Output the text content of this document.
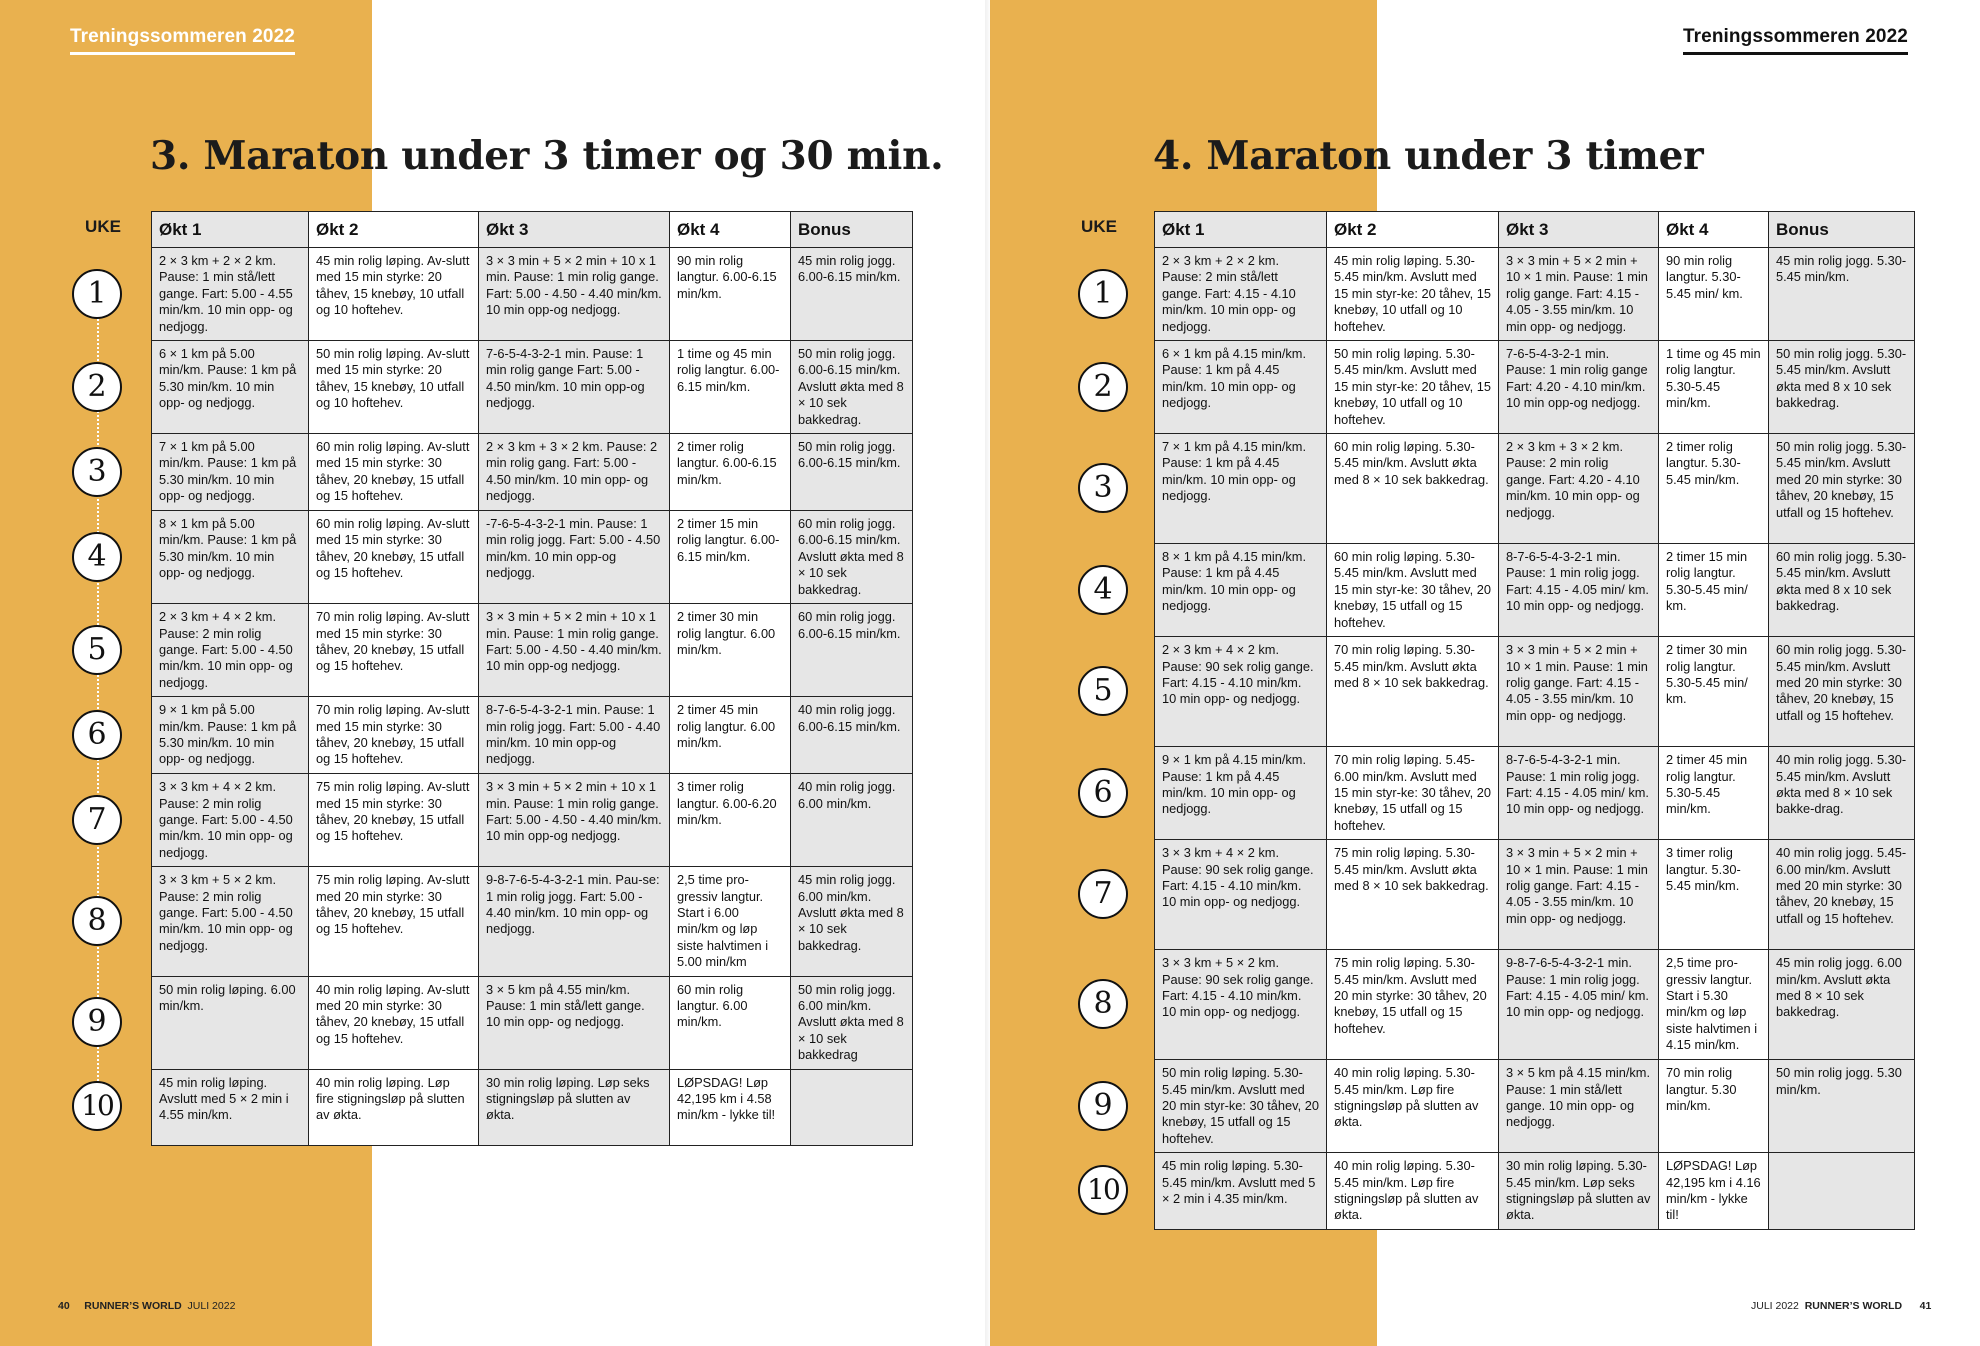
Treningssommeren 2022
3. Maraton under 3 timer og 30 min.
UKE
1
2
3
4
5
6
7
8
9
10
Økt 1	Økt 2	Økt 3	Økt 4	Bonus
2 × 3 km + 2 × 2 km. Pause: 1 min stå/lett gange. Fart: 5.00 - 4.55 min/km. 10 min opp- og nedjogg.	45 min rolig løping. Av-slutt med 15 min styrke: 20 tåhev, 15 knebøy, 10 utfall og 10 hoftehev.	3 × 3 min + 5 × 2 min + 10 x 1 min. Pause: 1 min rolig gange. Fart: 5.00 - 4.50 - 4.40 min/km. 10 min opp-og nedjogg.	90 min rolig langtur. 6.00-6.15 min/km.	45 min rolig jogg. 6.00-6.15 min/km.
6 × 1 km på 5.00 min/km. Pause: 1 km på 5.30 min/km. 10 min opp- og nedjogg.	50 min rolig løping. Av-slutt med 15 min styrke: 20 tåhev, 15 knebøy, 10 utfall og 10 hoftehev.	7-6-5-4-3-2-1 min. Pause: 1 min rolig gange Fart: 5.00 - 4.50 min/km. 10 min opp-og nedjogg.	1 time og 45 min rolig langtur. 6.00-6.15 min/km.	50 min rolig jogg. 6.00-6.15 min/km. Avslutt økta med 8 × 10 sek bakkedrag.
7 × 1 km på 5.00 min/km. Pause: 1 km på 5.30 min/km. 10 min opp- og nedjogg.	60 min rolig løping. Av-slutt med 15 min styrke: 30 tåhev, 20 knebøy, 15 utfall og 15 hoftehev.	2 × 3 km + 3 × 2 km. Pause: 2 min rolig gang. Fart: 5.00 - 4.50 min/km. 10 min opp- og nedjogg.	2 timer rolig langtur. 6.00-6.15 min/km.	50 min rolig jogg. 6.00-6.15 min/km.
8 × 1 km på 5.00 min/km. Pause: 1 km på 5.30 min/km. 10 min opp- og nedjogg.	60 min rolig løping. Av-slutt med 15 min styrke: 30 tåhev, 20 knebøy, 15 utfall og 15 hoftehev.	-7-6-5-4-3-2-1 min. Pause: 1 min rolig jogg. Fart: 5.00 - 4.50 min/km. 10 min opp-og nedjogg.	2 timer 15 min rolig langtur. 6.00-6.15 min/km.	60 min rolig jogg. 6.00-6.15 min/km. Avslutt økta med 8 × 10 sek bakkedrag.
2 × 3 km + 4 × 2 km. Pause: 2 min rolig gange. Fart: 5.00 - 4.50 min/km. 10 min opp- og nedjogg.	70 min rolig løping. Av-slutt med 15 min styrke: 30 tåhev, 20 knebøy, 15 utfall og 15 hoftehev.	3 × 3 min + 5 × 2 min + 10 x 1 min. Pause: 1 min rolig gange. Fart: 5.00 - 4.50 - 4.40 min/km. 10 min opp-og nedjogg.	2 timer 30 min rolig langtur. 6.00 min/km.	60 min rolig jogg. 6.00-6.15 min/km.
9 × 1 km på 5.00 min/km. Pause: 1 km på 5.30 min/km. 10 min opp- og nedjogg.	70 min rolig løping. Av-slutt med 15 min styrke: 30 tåhev, 20 knebøy, 15 utfall og 15 hoftehev.	8-7-6-5-4-3-2-1 min. Pause: 1 min rolig jogg. Fart: 5.00 - 4.40 min/km. 10 min opp-og nedjogg.	2 timer 45 min rolig langtur. 6.00 min/km.	40 min rolig jogg. 6.00-6.15 min/km.
3 × 3 km + 4 × 2 km. Pause: 2 min rolig gange. Fart: 5.00 - 4.50 min/km. 10 min opp- og nedjogg.	75 min rolig løping. Av-slutt med 15 min styrke: 30 tåhev, 20 knebøy, 15 utfall og 15 hoftehev.	3 × 3 min + 5 × 2 min + 10 x 1 min. Pause: 1 min rolig gange. Fart: 5.00 - 4.50 - 4.40 min/km. 10 min opp-og nedjogg.	3 timer rolig langtur. 6.00-6.20 min/km.	40 min rolig jogg. 6.00 min/km.
3 × 3 km + 5 × 2 km. Pause: 2 min rolig gange. Fart: 5.00 - 4.50 min/km. 10 min opp- og nedjogg.	75 min rolig løping. Av-slutt med 20 min styrke: 30 tåhev, 20 knebøy, 15 utfall og 15 hoftehev.	9-8-7-6-5-4-3-2-1 min. Pau-se: 1 min rolig jogg. Fart: 5.00 - 4.40 min/km. 10 min opp- og nedjogg.	2,5 time pro-gressiv langtur. Start i 6.00 min/km og løp siste halvtimen i 5.00 min/km	45 min rolig jogg. 6.00 min/km. Avslutt økta med 8 × 10 sek bakkedrag.
50 min rolig løping. 6.00 min/km.	40 min rolig løping. Av-slutt med 20 min styrke: 30 tåhev, 20 knebøy, 15 utfall og 15 hoftehev.	3 × 5 km på 4.55 min/km. Pause: 1 min stå/lett gange. 10 min opp- og nedjogg.	60 min rolig langtur. 6.00 min/km.	50 min rolig jogg. 6.00 min/km. Avslutt økta med 8 × 10 sek bakkedrag
45 min rolig løping. Avslutt med 5 × 2 min i 4.55 min/km.	40 min rolig løping. Løp fire stigningsløp på slutten av økta.	30 min rolig løping. Løp seks stigningsløp på slutten av økta.	LØPSDAG! Løp 42,195 km i 4.58 min/km - lykke til!	
40 RUNNER’S WORLD JULI 2022
Treningssommeren 2022
4. Maraton under 3 timer
UKE
1
2
3
4
5
6
7
8
9
10
Økt 1	Økt 2	Økt 3	Økt 4	Bonus
2 × 3 km + 2 × 2 km. Pause: 2 min stå/lett gange. Fart: 4.15 - 4.10 min/km. 10 min opp- og nedjogg.	45 min rolig løping. 5.30-5.45 min/km. Avslutt med 15 min styr-ke: 20 tåhev, 15 knebøy, 10 utfall og 10 hoftehev.	3 × 3 min + 5 × 2 min + 10 × 1 min. Pause: 1 min rolig gange. Fart: 4.15 - 4.05 - 3.55 min/km. 10 min opp- og nedjogg.	90 min rolig langtur. 5.30-5.45 min/ km.	45 min rolig jogg. 5.30-5.45 min/km.
6 × 1 km på 4.15 min/km. Pause: 1 km på 4.45 min/km. 10 min opp- og nedjogg.	50 min rolig løping. 5.30-5.45 min/km. Avslutt med 15 min styr-ke: 20 tåhev, 15 knebøy, 10 utfall og 10 hoftehev.	7-6-5-4-3-2-1 min. Pause: 1 min rolig gange Fart: 4.20 - 4.10 min/km. 10 min opp-og nedjogg.	1 time og 45 min rolig langtur. 5.30-5.45 min/km.	50 min rolig jogg. 5.30-5.45 min/km. Avslutt økta med 8 x 10 sek bakkedrag.
7 × 1 km på 4.15 min/km. Pause: 1 km på 4.45 min/km. 10 min opp- og nedjogg.	60 min rolig løping. 5.30-5.45 min/km. Avslutt økta med 8 × 10 sek bakkedrag.	2 × 3 km + 3 × 2 km. Pause: 2 min rolig gange. Fart: 4.20 - 4.10 min/km. 10 min opp- og nedjogg.	2 timer rolig langtur. 5.30-5.45 min/km.	50 min rolig jogg. 5.30-5.45 min/km. Avslutt med 20 min styrke: 30 tåhev, 20 knebøy, 15 utfall og 15 hoftehev.
8 × 1 km på 4.15 min/km. Pause: 1 km på 4.45 min/km. 10 min opp- og nedjogg.	60 min rolig løping. 5.30-5.45 min/km. Avslutt med 15 min styr-ke: 30 tåhev, 20 knebøy, 15 utfall og 15 hoftehev.	8-7-6-5-4-3-2-1 min. Pause: 1 min rolig jogg. Fart: 4.15 - 4.05 min/ km. 10 min opp- og nedjogg.	2 timer 15 min rolig langtur. 5.30-5.45 min/ km.	60 min rolig jogg. 5.30-5.45 min/km. Avslutt økta med 8 x 10 sek bakkedrag.
2 × 3 km + 4 × 2 km. Pause: 90 sek rolig gange. Fart: 4.15 - 4.10 min/km. 10 min opp- og nedjogg.	70 min rolig løping. 5.30-5.45 min/km. Avslutt økta med 8 × 10 sek bakkedrag.	3 × 3 min + 5 × 2 min + 10 × 1 min. Pause: 1 min rolig gange. Fart: 4.15 - 4.05 - 3.55 min/km. 10 min opp- og nedjogg.	2 timer 30 min rolig langtur. 5.30-5.45 min/ km.	60 min rolig jogg. 5.30-5.45 min/km. Avslutt med 20 min styrke: 30 tåhev, 20 knebøy, 15 utfall og 15 hoftehev.
9 × 1 km på 4.15 min/km. Pause: 1 km på 4.45 min/km. 10 min opp- og nedjogg.	70 min rolig løping. 5.45-6.00 min/km. Avslutt med 15 min styr-ke: 30 tåhev, 20 knebøy, 15 utfall og 15 hoftehev.	8-7-6-5-4-3-2-1 min. Pause: 1 min rolig jogg. Fart: 4.15 - 4.05 min/ km. 10 min opp- og nedjogg.	2 timer 45 min rolig langtur. 5.30-5.45 min/km.	40 min rolig jogg. 5.30-5.45 min/km. Avslutt økta med 8 × 10 sek bakke-drag.
3 × 3 km + 4 × 2 km. Pause: 90 sek rolig gange. Fart: 4.15 - 4.10 min/km. 10 min opp- og nedjogg.	75 min rolig løping. 5.30-5.45 min/km. Avslutt økta med 8 × 10 sek bakkedrag.	3 × 3 min + 5 × 2 min + 10 × 1 min. Pause: 1 min rolig gange. Fart: 4.15 - 4.05 - 3.55 min/km. 10 min opp- og nedjogg.	3 timer rolig langtur. 5.30-5.45 min/km.	40 min rolig jogg. 5.45-6.00 min/km. Avslutt med 20 min styrke: 30 tåhev, 20 knebøy, 15 utfall og 15 hoftehev.
3 × 3 km + 5 × 2 km. Pause: 90 sek rolig gange. Fart: 4.15 - 4.10 min/km. 10 min opp- og nedjogg.	75 min rolig løping. 5.30-5.45 min/km. Avslutt med 20 min styrke: 30 tåhev, 20 knebøy, 15 utfall og 15 hoftehev.	9-8-7-6-5-4-3-2-1 min. Pause: 1 min rolig jogg. Fart: 4.15 - 4.05 min/ km. 10 min opp- og nedjogg.	2,5 time pro-gressiv langtur. Start i 5.30 min/km og løp siste halvtimen i 4.15 min/km.	45 min rolig jogg. 6.00 min/km. Avslutt økta med 8 × 10 sek bakkedrag.
50 min rolig løping. 5.30-5.45 min/km. Avslutt med 20 min styr-ke: 30 tåhev, 20 knebøy, 15 utfall og 15 hoftehev.	40 min rolig løping. 5.30-5.45 min/km. Løp fire stigningsløp på slutten av økta.	3 × 5 km på 4.15 min/km. Pause: 1 min stå/lett gange. 10 min opp- og nedjogg.	70 min rolig langtur. 5.30 min/km.	50 min rolig jogg. 5.30 min/km.
45 min rolig løping. 5.30-5.45 min/km. Avslutt med 5 × 2 min i 4.35 min/km.	40 min rolig løping. 5.30-5.45 min/km. Løp fire stigningsløp på slutten av økta.	30 min rolig løping. 5.30-5.45 min/km. Løp seks stigningsløp på slutten av økta.	LØPSDAG! Løp 42,195 km i 4.16 min/km - lykke til!	
JULI 2022 RUNNER’S WORLD 41
